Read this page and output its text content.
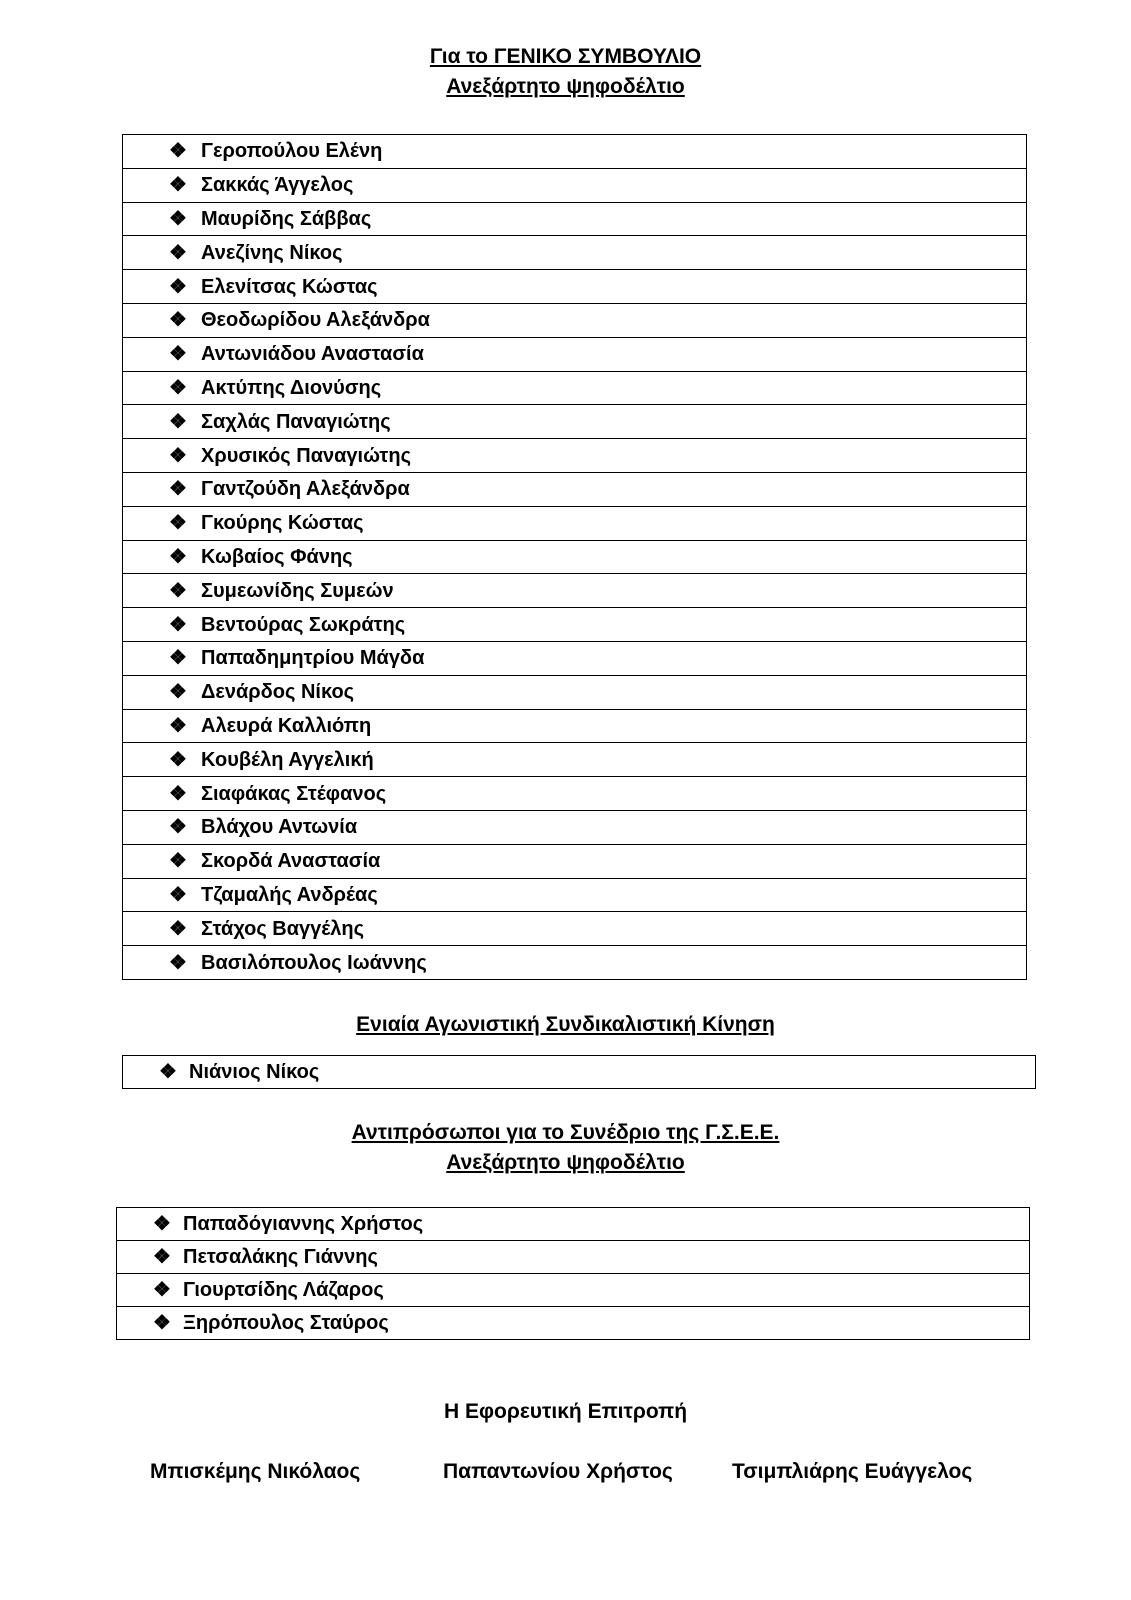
Για το ΓΕΝΙΚΟ ΣΥΜΒΟΥΛΙΟ
Ανεξάρτητο ψηφοδέλτιο
❖ Γεροπούλου Ελένη

❖ Σακκάς Άγγελος

❖ Μαυρίδης Σάββας

❖ Ανεζίνης Νίκος

❖ Ελενίτσας Κώστας

❖ Θεοδωρίδου Αλεξάνδρα

❖ Αντωνιάδου Αναστασία

❖ Ακτύπης Διονύσης

❖ Σαχλάς Παναγιώτης

❖ Χρυσικός Παναγιώτης

❖ Γαντζούδη Αλεξάνδρα

❖ Γκούρης Κώστας

❖ Κωβαίος Φάνης

❖ Συμεωνίδης Συμεών

❖ Βεντούρας Σωκράτης

❖ Παπαδημητρίου Μάγδα

❖ Δενάρδος Νίκος

❖ Αλευρά Καλλιόπη

❖ Κουβέλη Αγγελική

❖ Σιαφάκας Στέφανος

❖ Βλάχου Αντωνία

❖ Σκορδά Αναστασία

❖ Τζαμαλής Ανδρέας

❖ Στάχος Βαγγέλης

❖ Βασιλόπουλος Ιωάννης
Ενιαία Αγωνιστική Συνδικαλιστική Κίνηση
❖ Νιάνιος Νίκος
Αντιπρόσωποι για το Συνέδριο της Γ.Σ.Ε.Ε.
Ανεξάρτητο ψηφοδέλτιο
❖ Παπαδόγιαννης Χρήστος

❖ Πετσαλάκης Γιάννης

❖ Γιουρτσίδης Λάζαρος

❖ Ξηρόπουλος Σταύρος
Η Εφορευτική Επιτροπή
Μπισκέμης Νικόλαος	Παπαντωνίου Χρήστος	Τσιμπλιάρης Ευάγγελος
